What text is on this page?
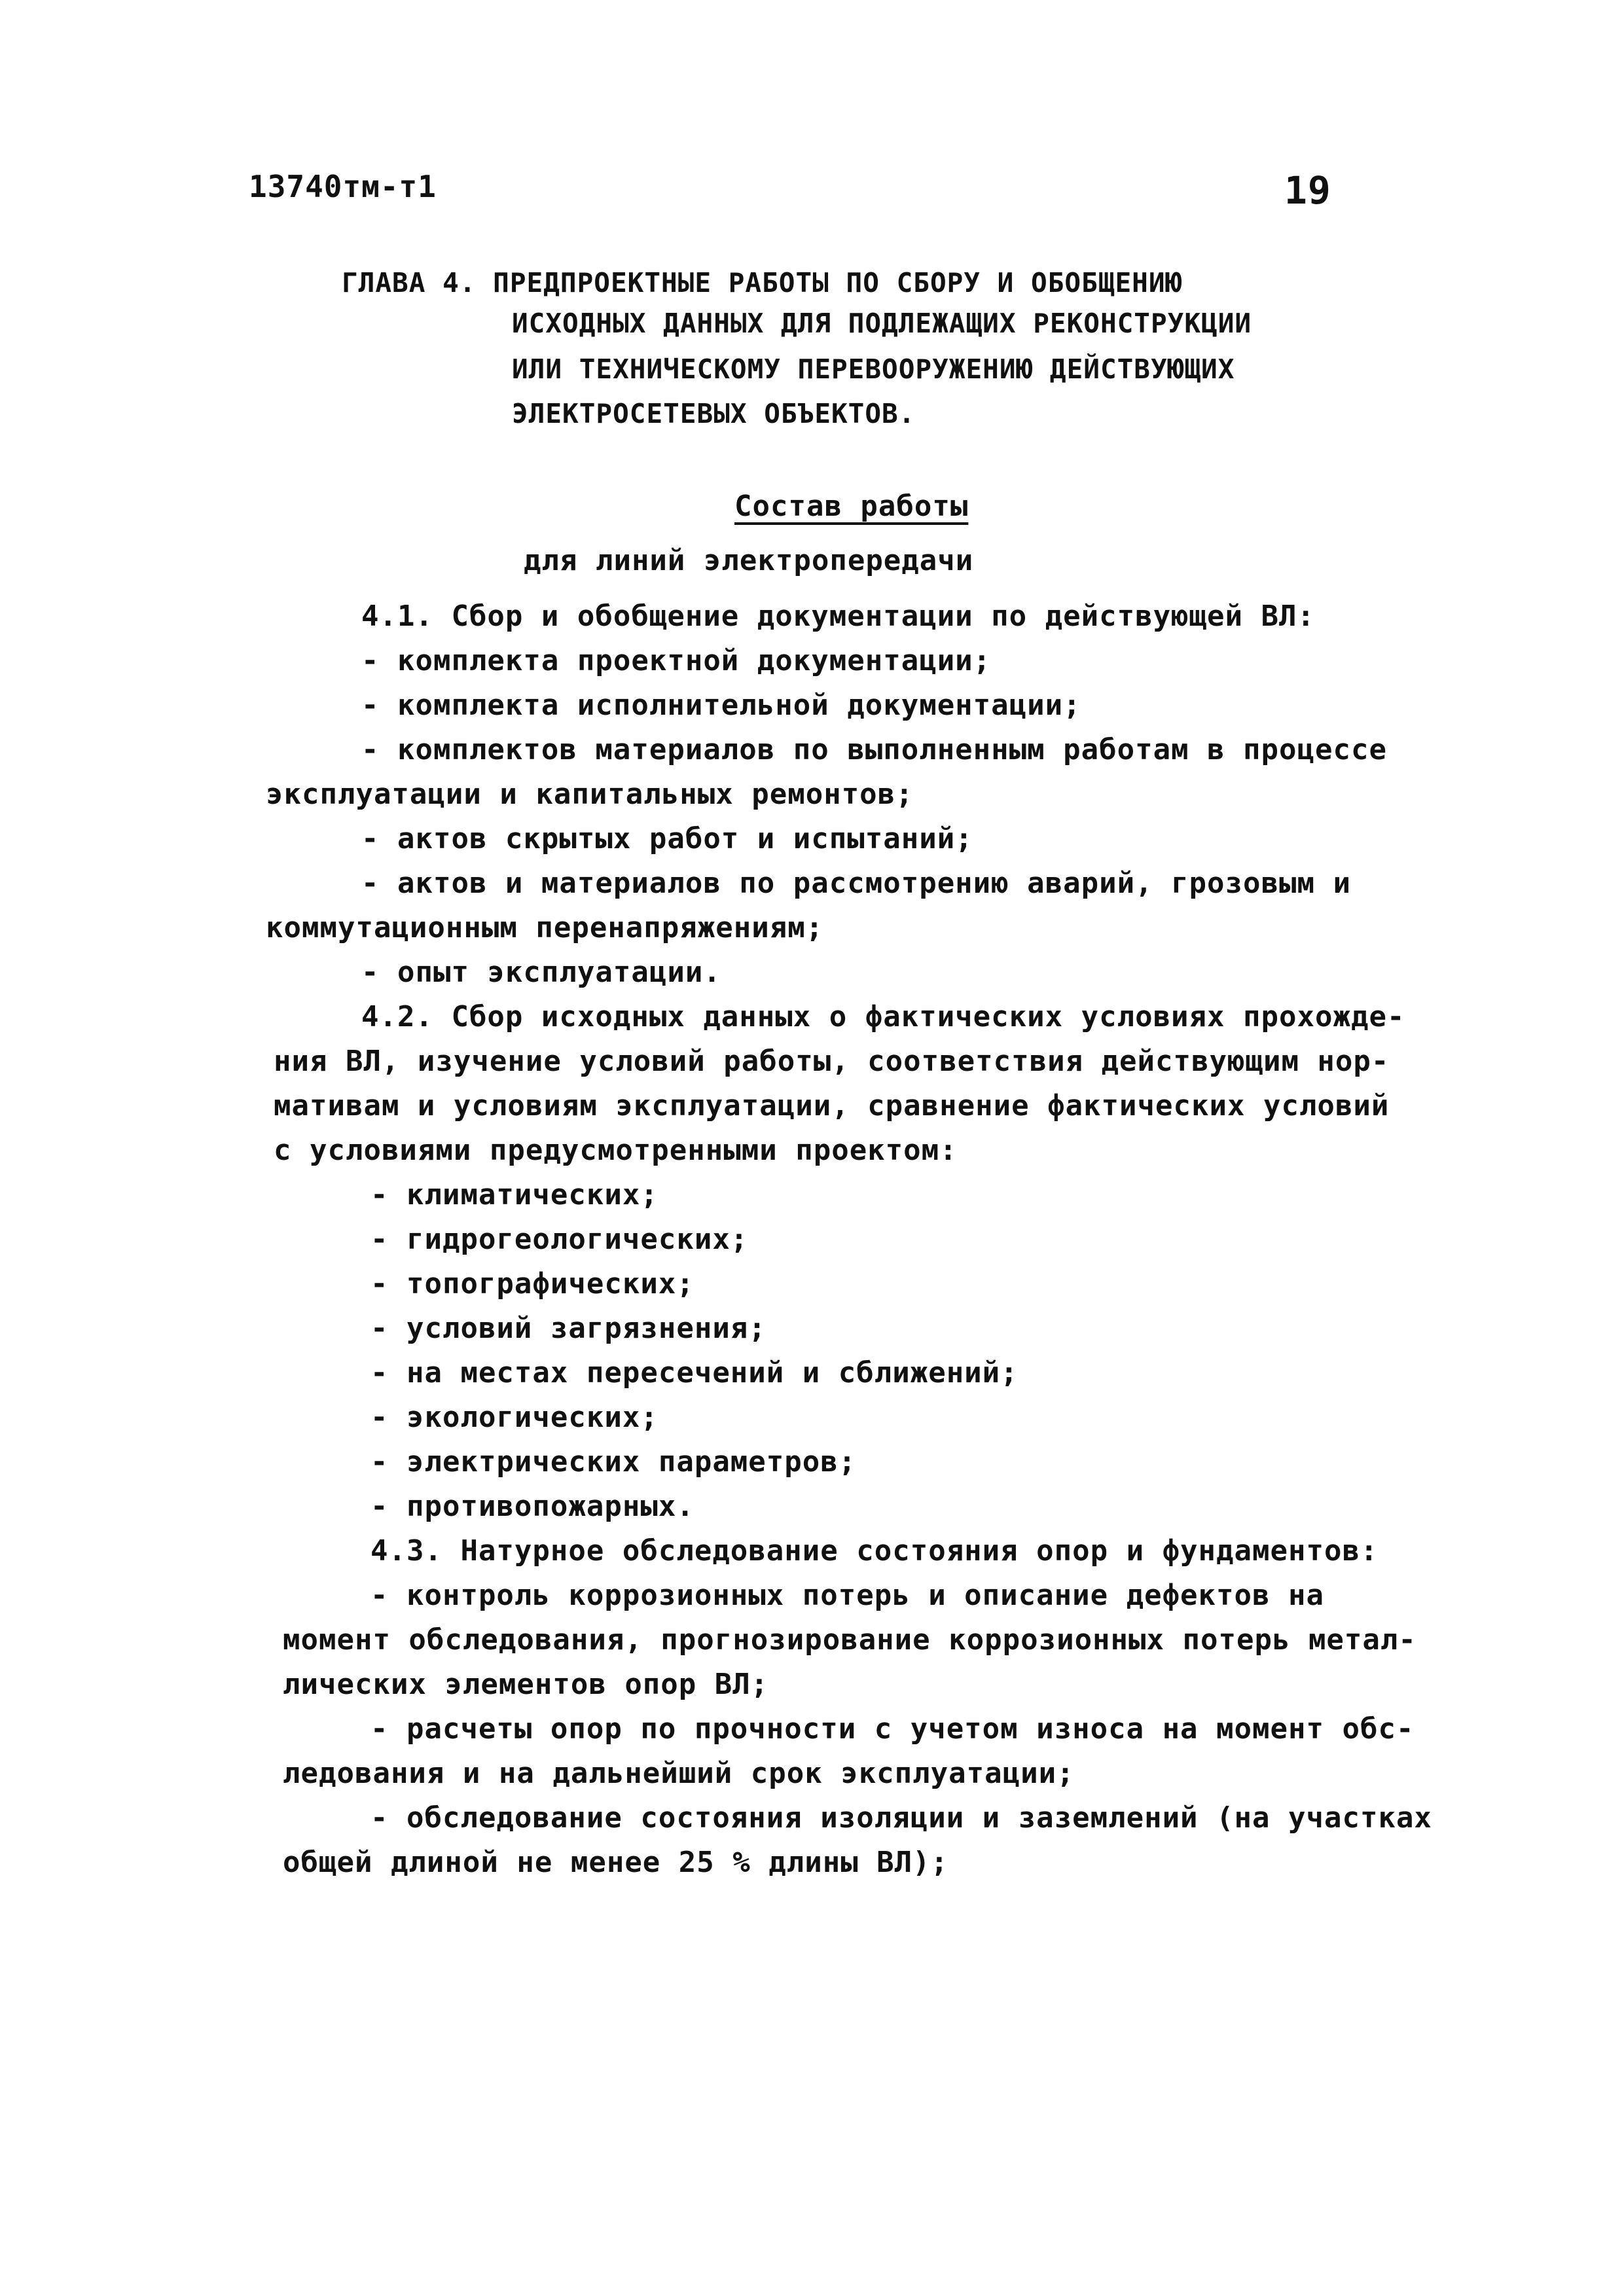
13740тм-т1	19
ГЛАВА 4. ПРЕДПРОЕКТНЫЕ РАБОТЫ ПО СБОРУ И ОБОБЩЕНИЮ
ИСХОДНЫХ ДАННЫХ ДЛЯ ПОДЛЕЖАЩИХ РЕКОНСТРУКЦИИ
ИЛИ ТЕХНИЧЕСКОМУ ПЕРЕВООРУЖЕНИЮ ДЕЙСТВУЮЩИХ
ЭЛЕКТРОСЕТЕВЫХ ОБЪЕКТОВ.
Состав работы
для линий электропередачи
4.1. Сбор и обобщение документации по действующей ВЛ:
- комплекта проектной документации;
- комплекта исполнительной документации;
- комплектов материалов по выполненным работам в процессе
эксплуатации и капитальных ремонтов;
- актов скрытых работ и испытаний;
- актов и материалов по рассмотрению аварий, грозовым и
коммутационным перенапряжениям;
- опыт эксплуатации.
4.2. Сбор исходных данных о фактических условиях прохожде-
ния ВЛ, изучение условий работы, соответствия действующим нор-
мативам и условиям эксплуатации, сравнение фактических условий
с условиями предусмотренными проектом:
- климатических;
- гидрогеологических;
- топографических;
- условий загрязнения;
- на местах пересечений и сближений;
- экологических;
- электрических параметров;
- противопожарных.
4.3. Натурное обследование состояния опор и фундаментов:
- контроль коррозионных потерь и описание дефектов на
момент обследования, прогнозирование коррозионных потерь метал-
лических элементов опор ВЛ;
- расчеты опор по прочности с учетом износа на момент обс-
ледования и на дальнейший срок эксплуатации;
- обследование состояния изоляции и заземлений (на участках
общей длиной не менее 25 % длины ВЛ);
